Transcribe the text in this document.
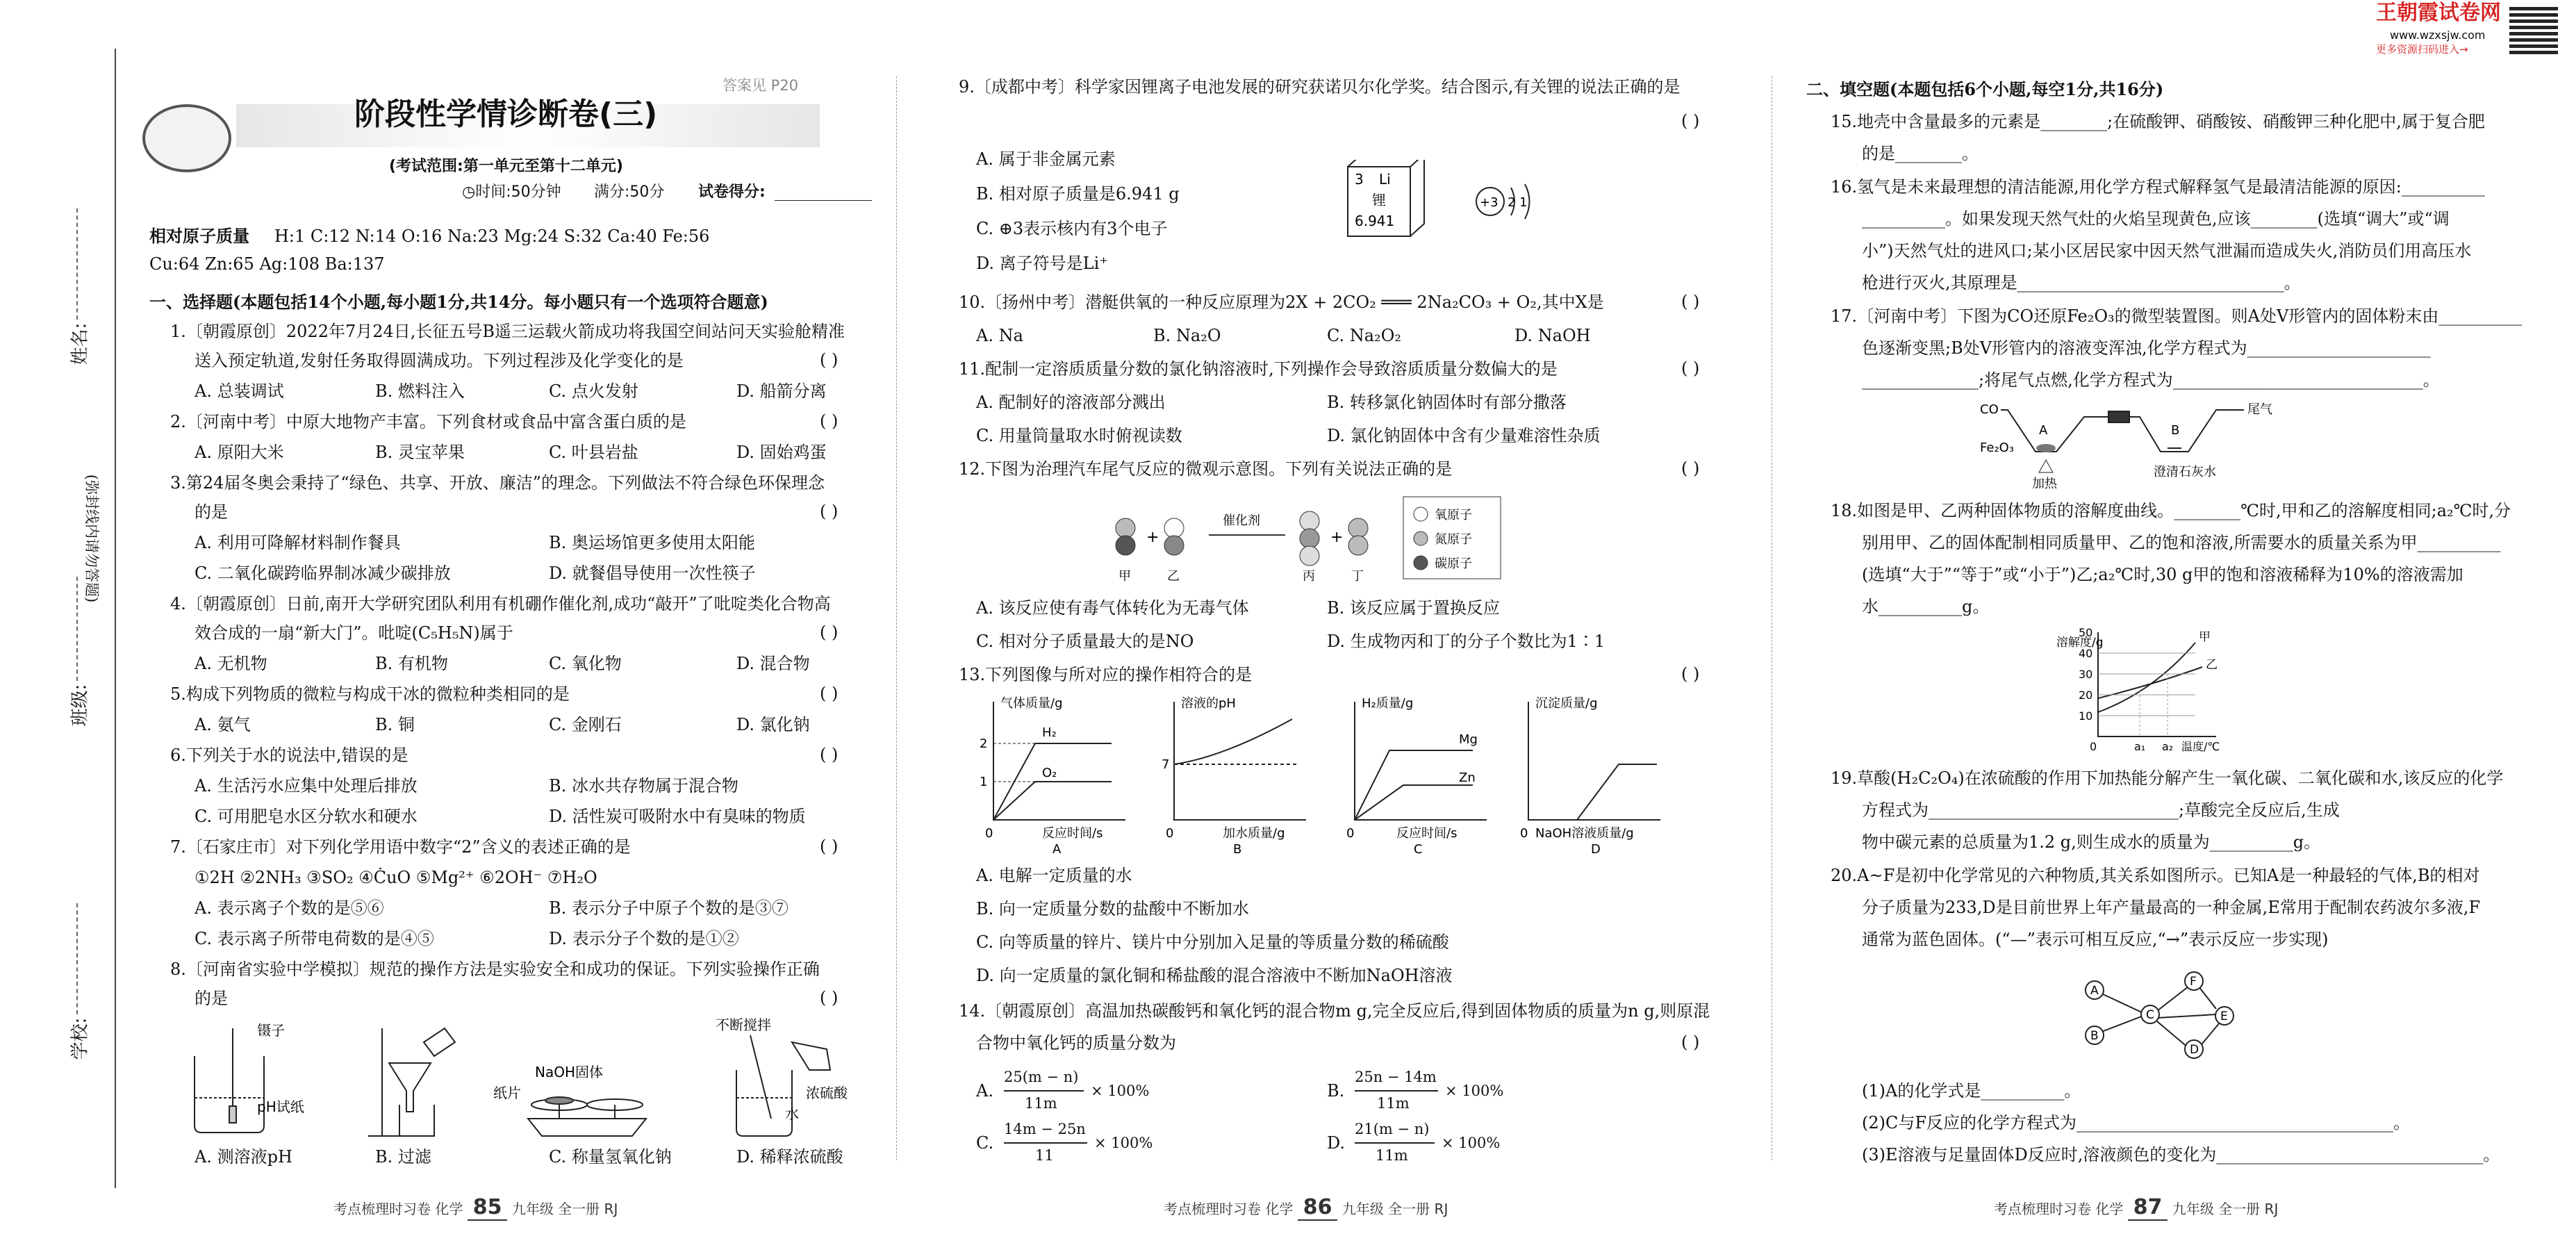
姓名:
班级:
学校:
(弥封线内请勿答题)
王朝霞试卷网
www.wzxsjw.com
更多资源扫码进入→
答案见 P20
阶段性学情诊断卷(三)
(考试范围:第一单元至第十二单元)
◷时间:50分钟 满分:50分 试卷得分:
相对原子质量 H:1 C:12 N:14 O:16 Na:23 Mg:24 S:32 Ca:40 Fe:56
Cu:64 Zn:65 Ag:108 Ba:137
一、选择题(本题包括14个小题,每小题1分,共14分。每小题只有一个选项符合题意)
1.〔朝霞原创〕2022年7月24日,长征五号B遥三运载火箭成功将我国空间站问天实验舱精准
送入预定轨道,发射任务取得圆满成功。下列过程涉及化学变化的是	( )
A. 总装调试	B. 燃料注入	C. 点火发射	D. 船箭分离
2.〔河南中考〕中原大地物产丰富。下列食材或食品中富含蛋白质的是	( )
A. 原阳大米	B. 灵宝苹果	C. 叶县岩盐	D. 固始鸡蛋
3.第24届冬奥会秉持了“绿色、共享、开放、廉洁”的理念。下列做法不符合绿色环保理念
的是	( )
A. 利用可降解材料制作餐具	B. 奥运场馆更多使用太阳能
C. 二氧化碳跨临界制冰减少碳排放	D. 就餐倡导使用一次性筷子
4.〔朝霞原创〕日前,南开大学研究团队利用有机硼作催化剂,成功“敲开”了吡啶类化合物高
效合成的一扇“新大门”。吡啶(C₅H₅N)属于	( )
A. 无机物	B. 有机物	C. 氧化物	D. 混合物
5.构成下列物质的微粒与构成干冰的微粒种类相同的是	( )
A. 氨气	B. 铜	C. 金刚石	D. 氯化钠
6.下列关于水的说法中,错误的是	( )
A. 生活污水应集中处理后排放	B. 冰水共存物属于混合物
C. 可用肥皂水区分软水和硬水	D. 活性炭可吸附水中有臭味的物质
7.〔石家庄市〕对下列化学用语中数字“2”含义的表述正确的是	( )
①2H ②2NH₃ ③SO₂ ④ĊuO ⑤Mg²⁺ ⑥2OH⁻ ⑦H₂O
A. 表示离子个数的是⑤⑥	B. 表示分子中原子个数的是③⑦
C. 表示离子所带电荷数的是④⑤	D. 表示分子个数的是①②
8.〔河南省实验中学模拟〕规范的操作方法是实验安全和成功的保证。下列实验操作正确
的是	( )
镊子
pH试纸
NaOH固体
纸片
不断搅拌
浓硫酸
水
A. 测溶液pH	B. 过滤	C. 称量氢氧化钠	D. 稀释浓硫酸
考点梳理时习卷 化学 85 九年级 全一册 RJ
9.〔成都中考〕科学家因锂离子电池发展的研究获诺贝尔化学奖。结合图示,有关锂的说法正确的是
( )
A. 属于非金属元素
B. 相对原子质量是6.941 g
C. ⊕3表示核内有3个电子
D. 离子符号是Li⁺
3 Li
锂
6.941
+3 2 1
10.〔扬州中考〕潜艇供氧的一种反应原理为2X + 2CO₂ ═══ 2Na₂CO₃ + O₂,其中X是	( )
A. Na	B. Na₂O	C. Na₂O₂	D. NaOH
11.配制一定溶质质量分数的氯化钠溶液时,下列操作会导致溶质质量分数偏大的是	( )
A. 配制好的溶液部分溅出	B. 转移氯化钠固体时有部分撒落
C. 用量筒量取水时俯视读数	D. 氯化钠固体中含有少量难溶性杂质
12.下图为治理汽车尾气反应的微观示意图。下列有关说法正确的是	( )
+
催化剂
+
甲	乙	丙	丁
氧原子
氮原子
碳原子
A. 该反应使有毒气体转化为无毒气体	B. 该反应属于置换反应
C. 相对分子质量最大的是NO	D. 生成物丙和丁的分子个数比为1∶1
13.下列图像与所对应的操作相符合的是	( )
气体质量/g
反应时间/s
H₂
O₂
2
1
0
A
溶液的pH
加水质量/g
7
0
B
H₂质量/g
反应时间/s
Mg
Zn
0
C
沉淀质量/g
NaOH溶液质量/g
0
D
A. 电解一定质量的水
B. 向一定质量分数的盐酸中不断加水
C. 向等质量的锌片、镁片中分别加入足量的等质量分数的稀硫酸
D. 向一定质量的氯化铜和稀盐酸的混合溶液中不断加NaOH溶液
14.〔朝霞原创〕高温加热碳酸钙和氧化钙的混合物m g,完全反应后,得到固体物质的质量为n g,则原混
合物中氧化钙的质量分数为	( )
A.
25(m − n)
11m
× 100%	B.
25n − 14m
11m
× 100%
C.
14m − 25n
11
× 100%	D.
21(m − n)
11m
× 100%
考点梳理时习卷 化学 86 九年级 全一册 RJ
二、填空题(本题包括6个小题,每空1分,共16分)
15.地壳中含量最多的元素是________;在硫酸钾、硝酸铵、硝酸钾三种化肥中,属于复合肥
的是________。
16.氢气是未来最理想的清洁能源,用化学方程式解释氢气是最清洁能源的原因:__________
__________。如果发现天然气灶的火焰呈现黄色,应该________(选填“调大”或“调
小”)天然气灶的进风口;某小区居民家中因天然气泄漏而造成失火,消防员们用高压水
枪进行灭火,其原理是________________________________。
17.〔河南中考〕下图为CO还原Fe₂O₃的微型装置图。则A处V形管内的固体粉末由__________
色逐渐变黑;B处V形管内的溶液变浑浊,化学方程式为______________________
______________;将尾气点燃,化学方程式为______________________________。
CO
Fe₂O₃
A	B
尾气
加热
澄清石灰水
18.如图是甲、乙两种固体物质的溶解度曲线。________℃时,甲和乙的溶解度相同;a₂℃时,分
别用甲、乙的固体配制相同质量甲、乙的饱和溶液,所需要水的质量关系为甲__________
(选填“大于”“等于”或“小于”)乙;a₂℃时,30 g甲的饱和溶液稀释为10%的溶液需加
水__________g。
溶解度/g
50
40
30
20
10
0	a₁ a₂ 温度/℃
甲
乙
19.草酸(H₂C₂O₄)在浓硫酸的作用下加热能分解产生一氧化碳、二氧化碳和水,该反应的化学
方程式为______________________________;草酸完全反应后,生成
物中碳元素的总质量为1.2 g,则生成水的质量为__________g。
20.A~F是初中化学常见的六种物质,其关系如图所示。已知A是一种最轻的气体,B的相对
分子质量为233,D是目前世界上年产量最高的一种金属,E常用于配制农药波尔多液,F
通常为蓝色固体。(“—”表示可相互反应,“→”表示反应一步实现)
A
B
C
D
E
F
(1)A的化学式是__________。
(2)C与F反应的化学方程式为______________________________________。
(3)E溶液与足量固体D反应时,溶液颜色的变化为________________________________。
考点梳理时习卷 化学 87 九年级 全一册 RJ
